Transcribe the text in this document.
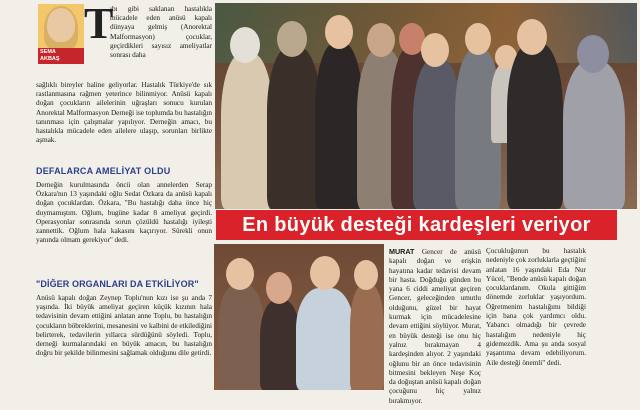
SEMA
AKBAŞ
T

ıbı gibi saklanan hastalıkla mücadele eden anüsü kapalı dünyaya gelmiş (Anorektal Malformasyon) çocuklar, geçirdikleri sayısız ameliyatlar sonrası daha

sağlıklı bireyler haline geliyorlar. Hastalık Türkiye'de sık rastlanmasına rağmen yeterince bilinmiyor. Anüsü kapalı doğan çocukların ailelerinin uğraşları sonucu kurulan Anorektal Malformasyon Derneği ise toplumda bu hastalığın tanınması için çalışmalar yapılıyor. Derneğin amacı, bu hastalıkla mücadele eden ailelere ulaşıp, sorunları birlikte aşmak.

DEFALARCA AMELİYAT OLDU

Derneğin kurulmasında öncü olan annelerden Serap Özkara'nın 13 yaşındaki oğlu Sedat Özkara da anüsü kapalı doğan çocuklardan. Özkara, "Bu hastalığı daha önce hiç duymamıştım. Oğlum, bugüne kadar 8 ameliyat geçirdi. Operasyonlar sonrasında sorun çözüldü hastalığı iyileşti zannettik. Oğlum hala kakasını kaçırıyor. Sürekli onun yanında olmam gerekiyor" dedi.

"DİĞER ORGANLARI DA ETKİLİYOR"

Anüsü kapalı doğan Zeynep Toplu'nun kızı ise şu anda 7 yaşında. İki büyük ameliyat geçiren küçük kızının hala tedavisinin devam ettiğini anlatan anne Toplu, bu hastalığın çocukların böbreklerini, mesanesini ve kalbini de etkilediğini belirterek, tedavilerin yıllarca sürdüğünü söyledi. Toplu, derneği kurmalarındaki en büyük amacın, bu hastalığın doğru bir şekilde bilinmesini sağlamak olduğunu dile getirdi.

En büyük desteği kardeşleri veriyor

MURAT Gencer de anüsü kapalı doğan ve erişkin hayatına kadar tedavisi devam bir hasta. Doğduğu günden bu yana 6 ciddi ameliyat geçiren Gencer, geleceğinden umutlu olduğunu, güzel bir hayat kurmak için mücadelesine devam ettiğini söylüyor. Murat, en büyük desteği ise onu hiç yalnız bırakmayan 4 kardeşinden alıyor. 2 yaşındaki oğlunu bir an önce tedavisinin bitmesini bekleyen Neşe Koç da doğuştan anüsü kapalı doğan çocuğunu hiç yalnız bırakmıyor.

Çocukluğunun bu hastalık nedeniyle çok zorluklarla geçtiğini anlatan 16 yaşındaki Eda Nur Yücel, "Bende anüsü kapalı doğan çocuklardanım. Okula gittiğim dönemde zorluklar yaşıyordum. Öğretmenim hastalığımı bildiği için bana çok yardımcı oldu. Yabancı olmadığı bir çevrede hastalığım nedeniyle hiç gidemezdik. Ama şu anda sosyal yaşantıma devam edebiliyorum. Aile desteği önemli" dedi.
